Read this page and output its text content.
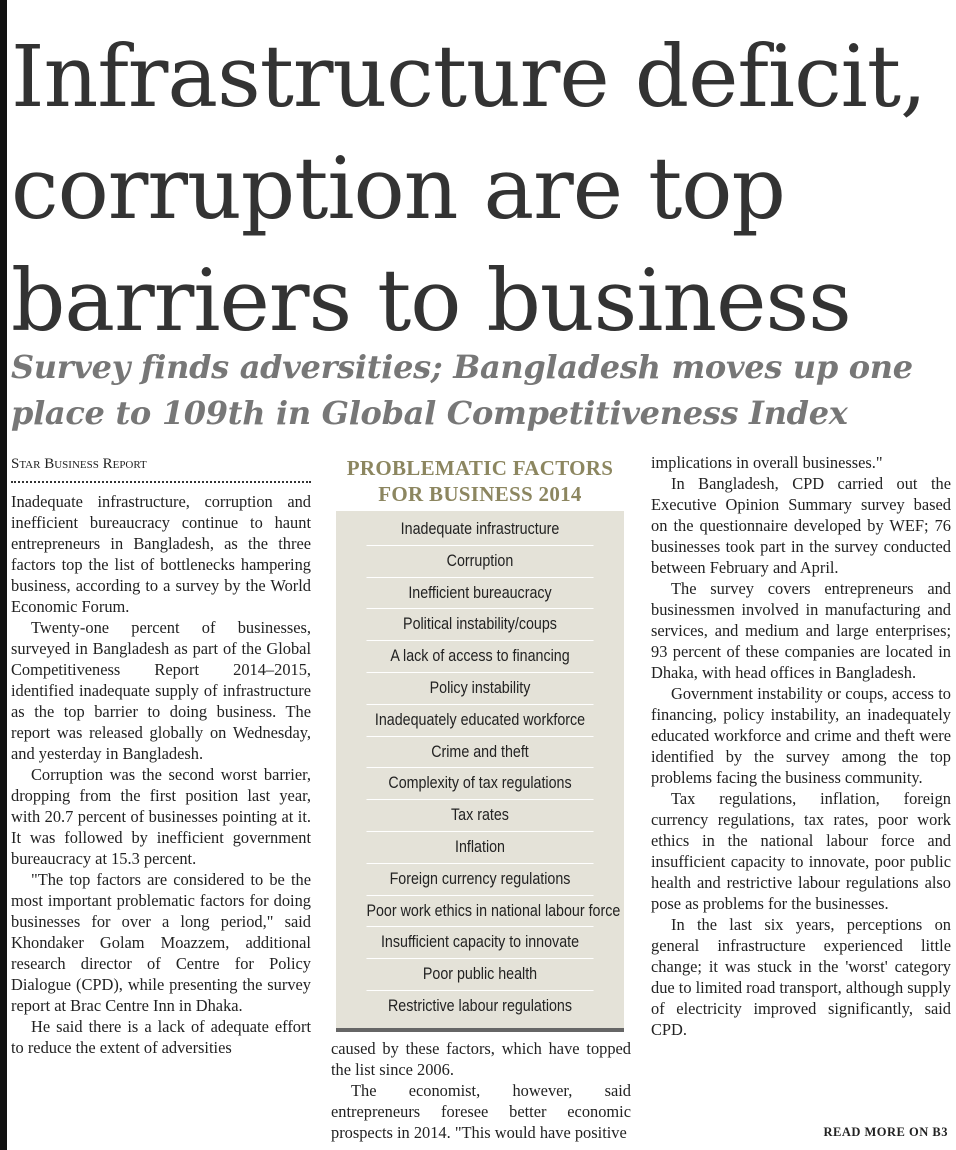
Infrastructure deficit,
corruption are top
barriers to business
Survey finds adversities; Bangladesh moves up one
place to 109th in Global Competitiveness Index

Star Business Report

Inadequate infrastructure, corruption and inefficient bureaucracy continue to haunt entrepreneurs in Bangladesh, as the three factors top the list of bottlenecks hampering business, according to a survey by the World Economic Forum.

Twenty-one percent of businesses, surveyed in Bangladesh as part of the Global Competitiveness Report 2014–2015, identified inadequate supply of infrastructure as the top barrier to doing business. The report was released globally on Wednesday, and yesterday in Bangladesh.

Corruption was the second worst barrier, dropping from the first position last year, with 20.7 percent of businesses pointing at it. It was followed by inefficient government bureaucracy at 15.3 percent.

"The top factors are considered to be the most important problematic factors for doing businesses for over a long period," said Khondaker Golam Moazzem, additional research director of Centre for Policy Dialogue (CPD), while presenting the survey report at Brac Centre Inn in Dhaka.

He said there is a lack of adequate effort to reduce the extent of adversities

PROBLEMATIC FACTORS
FOR BUSINESS 2014
Inadequate infrastructure
Corruption
Inefficient bureaucracy
Political instability/coups
A lack of access to financing
Policy instability
Inadequately educated workforce
Crime and theft
Complexity of tax regulations
Tax rates
Inflation
Foreign currency regulations
Poor work ethics in national labour force
Insufficient capacity to innovate
Poor public health
Restrictive labour regulations

caused by these factors, which have topped the list since 2006.

The economist, however, said entrepreneurs foresee better economic prospects in 2014. "This would have positive

implications in overall businesses."

In Bangladesh, CPD carried out the Executive Opinion Summary survey based on the questionnaire developed by WEF; 76 businesses took part in the survey conducted between February and April.

The survey covers entrepreneurs and businessmen involved in manufacturing and services, and medium and large enterprises; 93 percent of these companies are located in Dhaka, with head offices in Bangladesh.

Government instability or coups, access to financing, policy instability, an inadequately educated workforce and crime and theft were identified by the survey among the top problems facing the business community.

Tax regulations, inflation, foreign currency regulations, tax rates, poor work ethics in the national labour force and insufficient capacity to innovate, poor public health and restrictive labour regulations also pose as problems for the businesses.

In the last six years, perceptions on general infrastructure experienced little change; it was stuck in the 'worst' category due to limited road transport, although supply of electricity improved significantly, said CPD.

READ MORE ON B3
